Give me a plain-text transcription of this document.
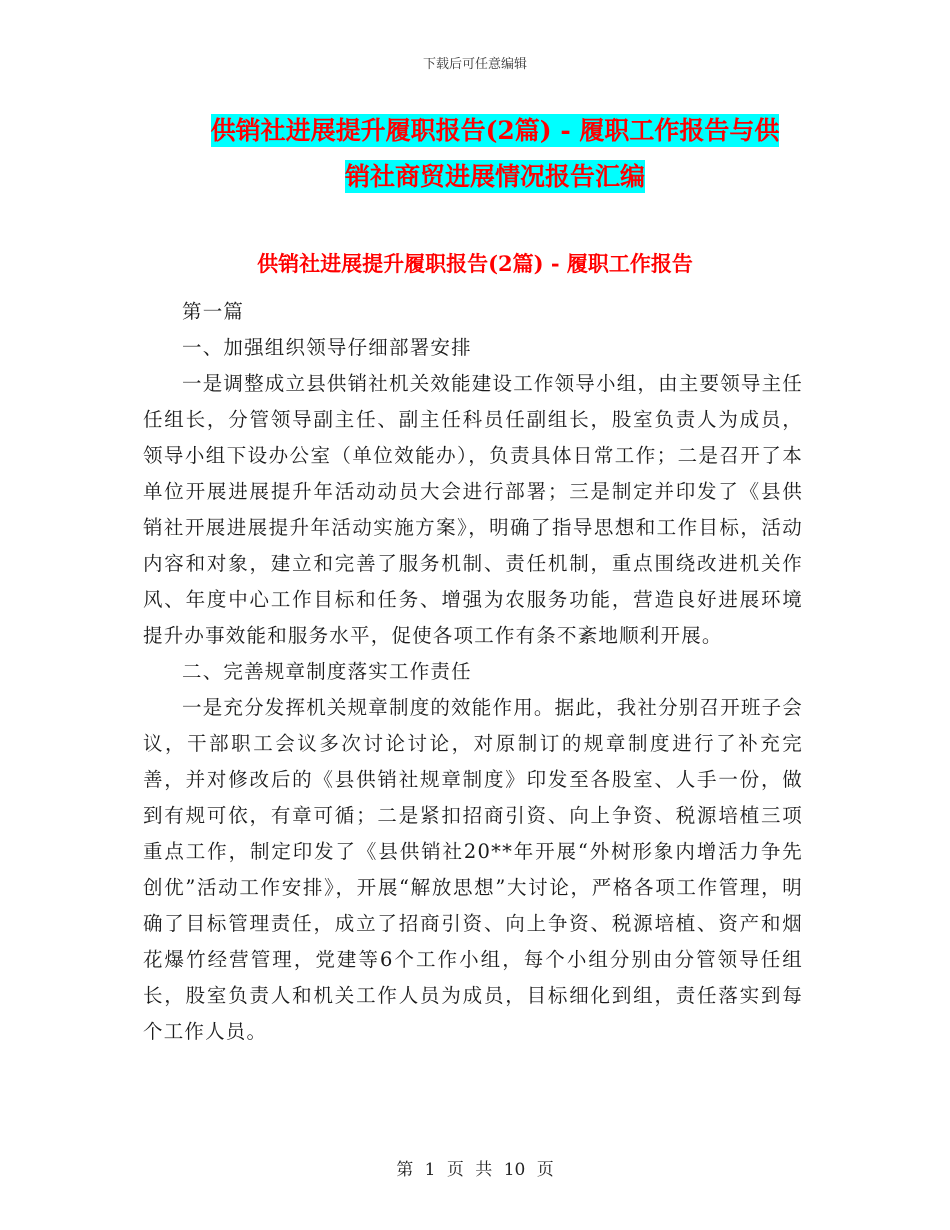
下载后可任意编辑
供销社进展提升履职报告(2篇) - 履职工作报告与供
销社商贸进展情况报告汇编
供销社进展提升履职报告(2篇) - 履职工作报告

第一篇

一、加强组织领导仔细部署安排

一是调整成立县供销社机关效能建设工作领导小组，由主要领导主任任组长，分管领导副主任、副主任科员任副组长，股室负责人为成员，领导小组下设办公室（单位效能办），负责具体日常工作；二是召开了本单位开展进展提升年活动动员大会进行部署；三是制定并印发了《县供销社开展进展提升年活动实施方案》，明确了指导思想和工作目标，活动内容和对象，建立和完善了服务机制、责任机制，重点围绕改进机关作风、年度中心工作目标和任务、增强为农服务功能，营造良好进展环境提升办事效能和服务水平，促使各项工作有条不紊地顺利开展。

二、完善规章制度落实工作责任

一是充分发挥机关规章制度的效能作用。据此，我社分别召开班子会议，干部职工会议多次讨论讨论，对原制订的规章制度进行了补充完善，并对修改后的《县供销社规章制度》印发至各股室、人手一份，做到有规可依，有章可循；二是紧扣招商引资、向上争资、税源培植三项重点工作，制定印发了《县供销社20**年开展“外树形象内增活力争先创优”活动工作安排》，开展“解放思想”大讨论，严格各项工作管理，明确了目标管理责任，成立了招商引资、向上争资、税源培植、资产和烟花爆竹经营管理，党建等6个工作小组，每个小组分别由分管领导任组长，股室负责人和机关工作人员为成员，目标细化到组，责任落实到每个工作人员。

第 1 页 共 10 页
